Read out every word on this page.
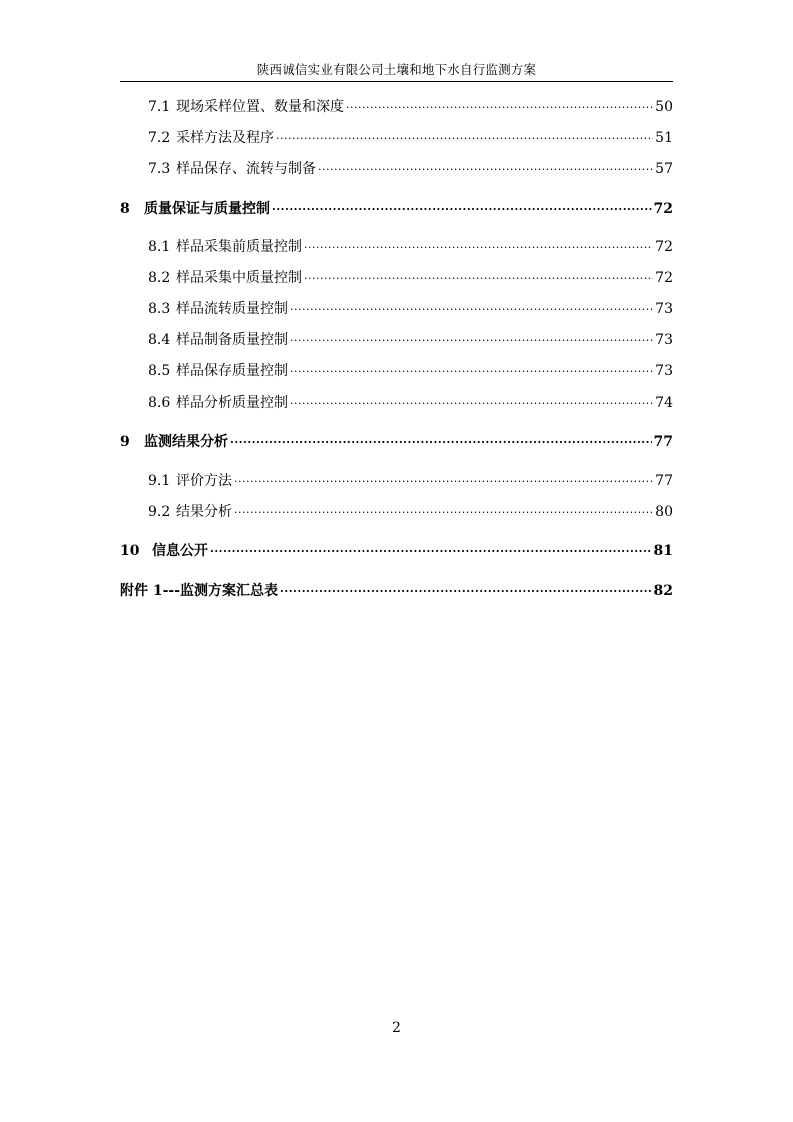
陕西诚信实业有限公司土壤和地下水自行监测方案
7.1 现场采样位置、数量和深度 .....	50
7.2 采样方法及程序 .....	51
7.3 样品保存、流转与制备 .....	57
8 质量保证与质量控制 .....	72
8.1 样品采集前质量控制 .....	72
8.2 样品采集中质量控制 .....	72
8.3 样品流转质量控制 .....	73
8.4 样品制备质量控制 .....	73
8.5 样品保存质量控制 .....	73
8.6 样品分析质量控制 .....	74
9 监测结果分析 .....	77
9.1 评价方法 .....	77
9.2 结果分析 .....	80
10 信息公开 .....	81
附件 1---监测方案汇总表 .....	82
2
